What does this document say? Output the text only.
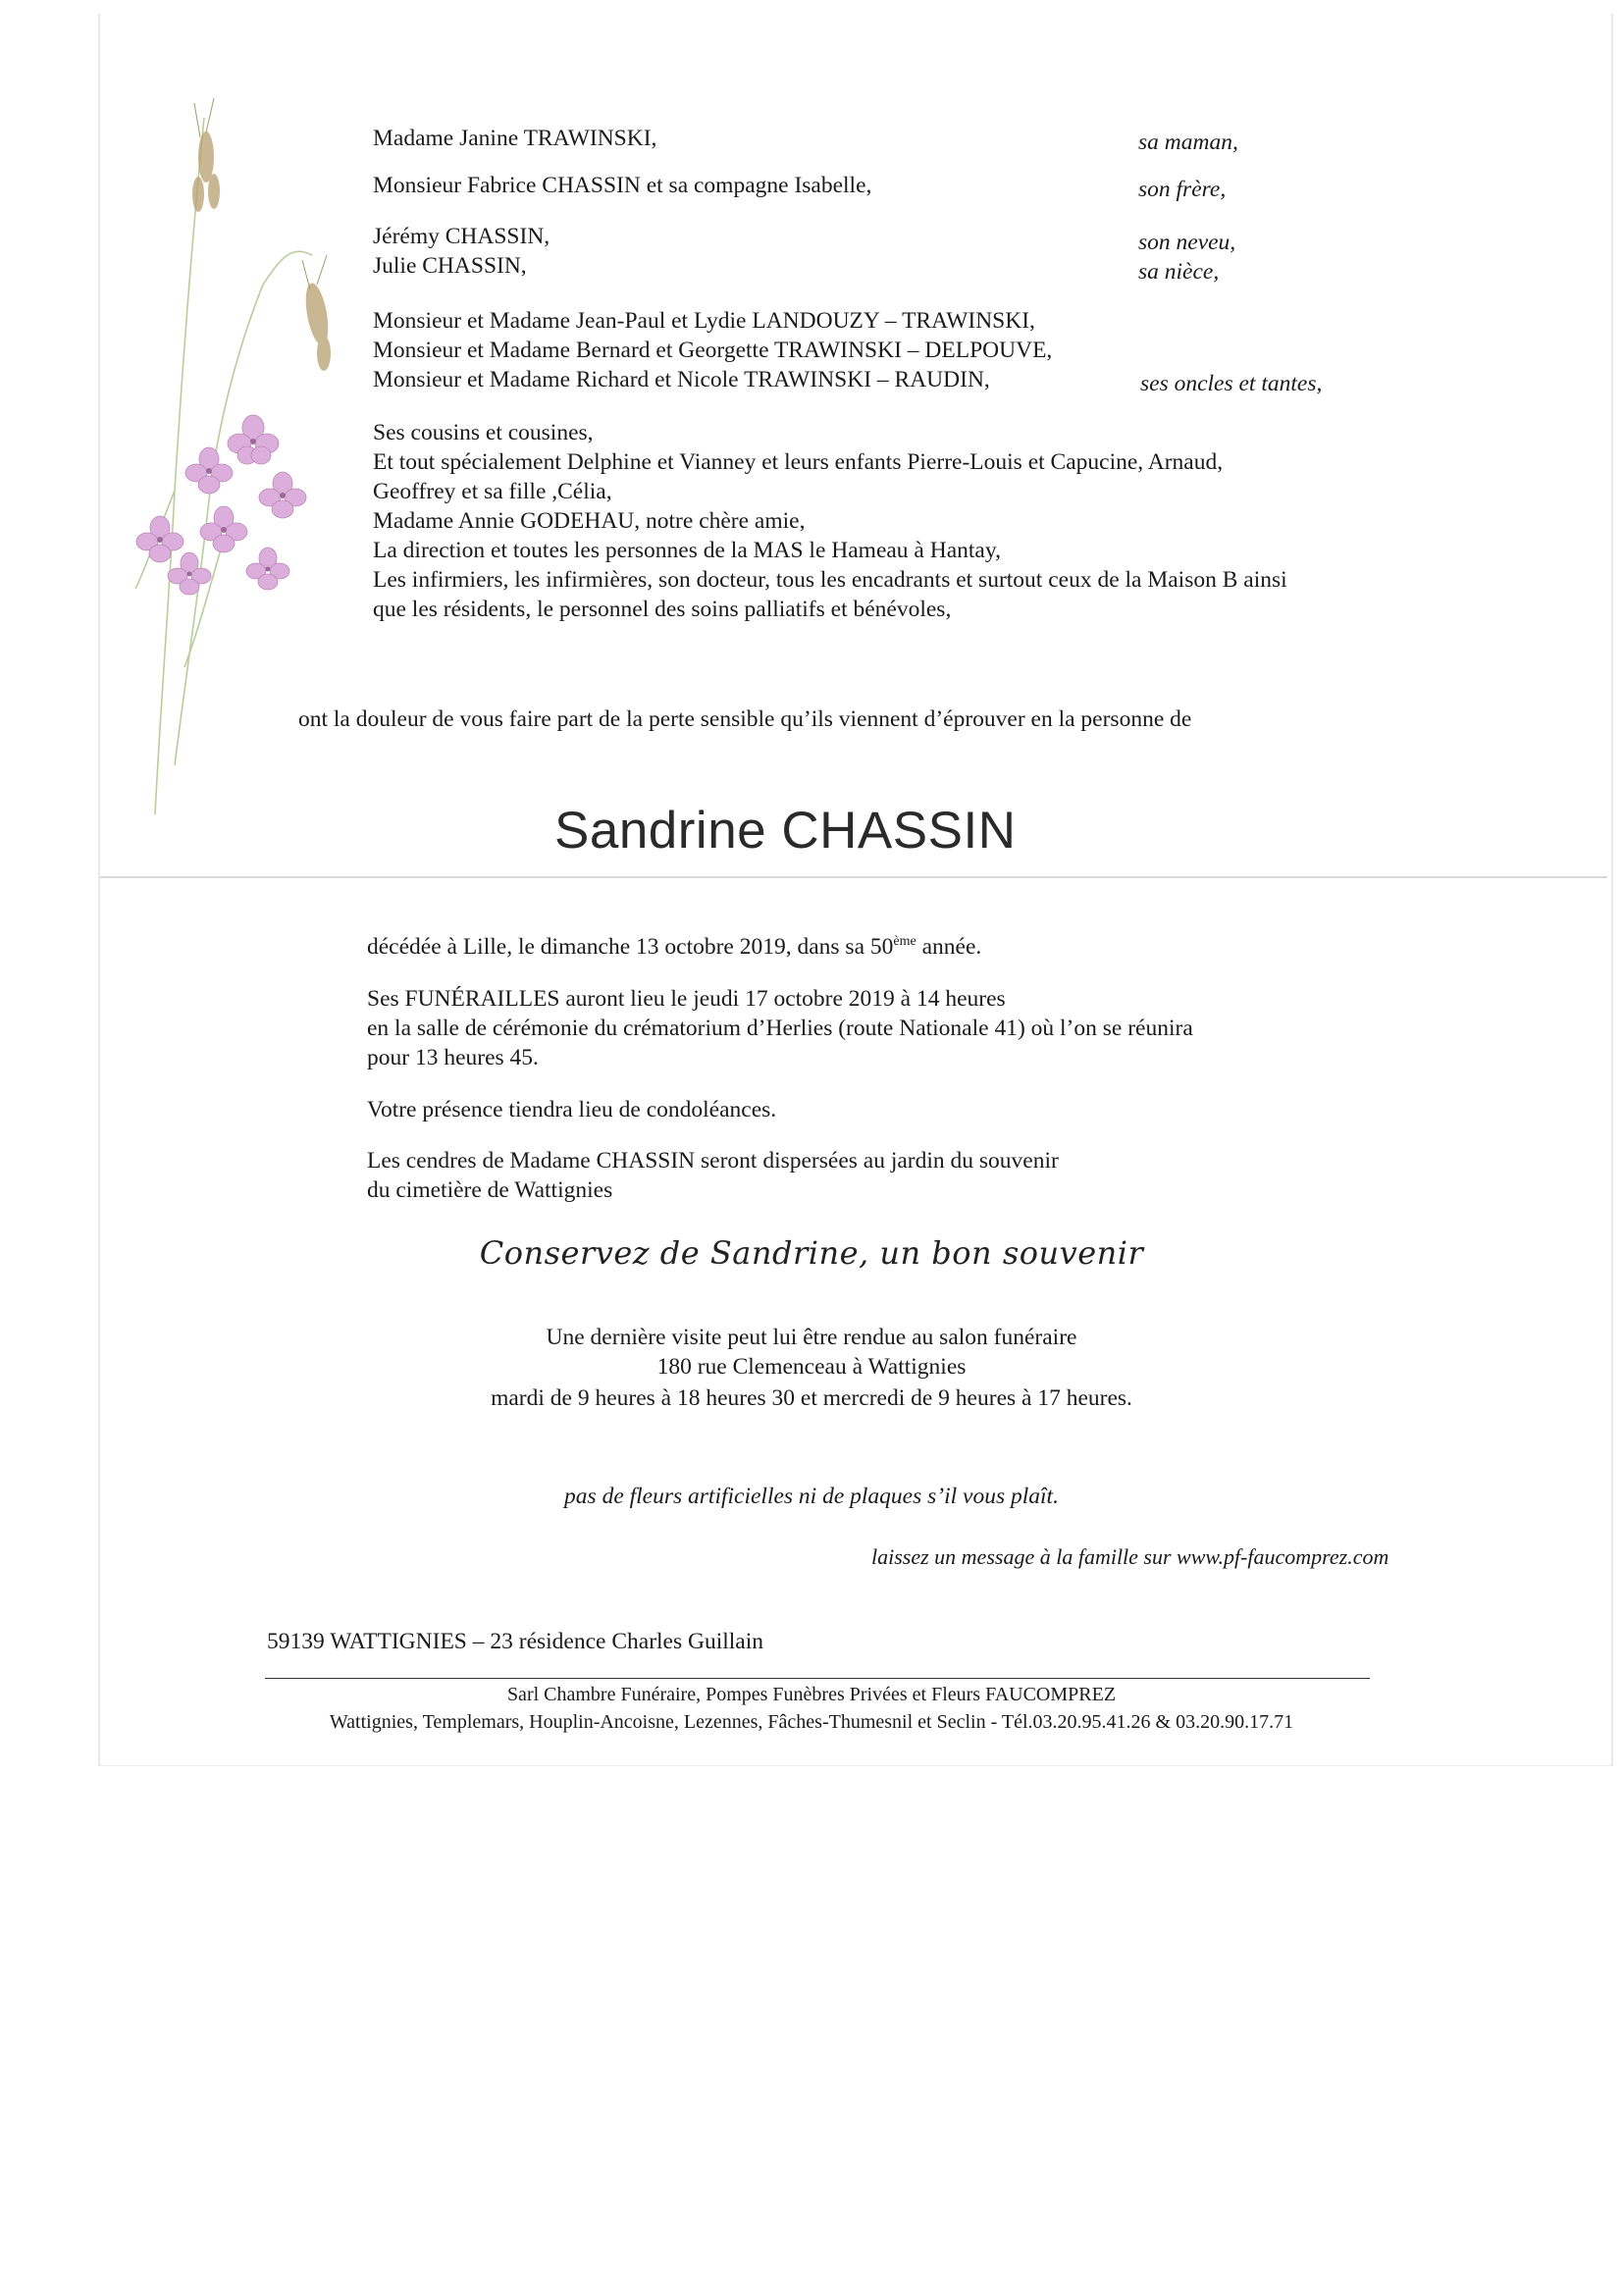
Madame Janine TRAWINSKI,	sa maman,
Monsieur Fabrice CHASSIN et sa compagne Isabelle,	son frère,
Jérémy CHASSIN,	son neveu,
Julie CHASSIN,	sa nièce,
Monsieur et Madame Jean-Paul et Lydie LANDOUZY – TRAWINSKI,
Monsieur et Madame Bernard et Georgette TRAWINSKI – DELPOUVE,
Monsieur et Madame Richard et Nicole TRAWINSKI – RAUDIN,	ses oncles et tantes,
Ses cousins et cousines,
Et tout spécialement Delphine et Vianney et leurs enfants Pierre-Louis et Capucine, Arnaud,
Geoffrey et sa fille ,Célia,
Madame Annie GODEHAU, notre chère amie,
La direction et toutes les personnes de la MAS le Hameau à Hantay,
Les infirmiers, les infirmières, son docteur, tous les encadrants et surtout ceux de la Maison B ainsi
que les résidents, le personnel des soins palliatifs et bénévoles,
ont la douleur de vous faire part de la perte sensible qu’ils viennent d’éprouver en la personne de
Sandrine CHASSIN
décédée à Lille, le dimanche 13 octobre 2019, dans sa 50ème année.
Ses FUNÉRAILLES auront lieu le jeudi 17 octobre 2019 à 14 heures
en la salle de cérémonie du crématorium d’Herlies (route Nationale 41) où l’on se réunira
pour 13 heures 45.
Votre présence tiendra lieu de condoléances.
Les cendres de Madame CHASSIN seront dispersées au jardin du souvenir
du cimetière de Wattignies
Conservez de Sandrine, un bon souvenir
Une dernière visite peut lui être rendue au salon funéraire
180 rue Clemenceau à Wattignies
mardi de 9 heures à 18 heures 30 et mercredi de 9 heures à 17 heures.
pas de fleurs artificielles ni de plaques s’il vous plaît.
laissez un message à la famille sur www.pf-faucomprez.com
59139 WATTIGNIES – 23 résidence Charles Guillain
Sarl Chambre Funéraire, Pompes Funèbres Privées et Fleurs FAUCOMPREZ
Wattignies, Templemars, Houplin-Ancoisne, Lezennes, Fâches-Thumesnil et Seclin - Tél.03.20.95.41.26 & 03.20.90.17.71
